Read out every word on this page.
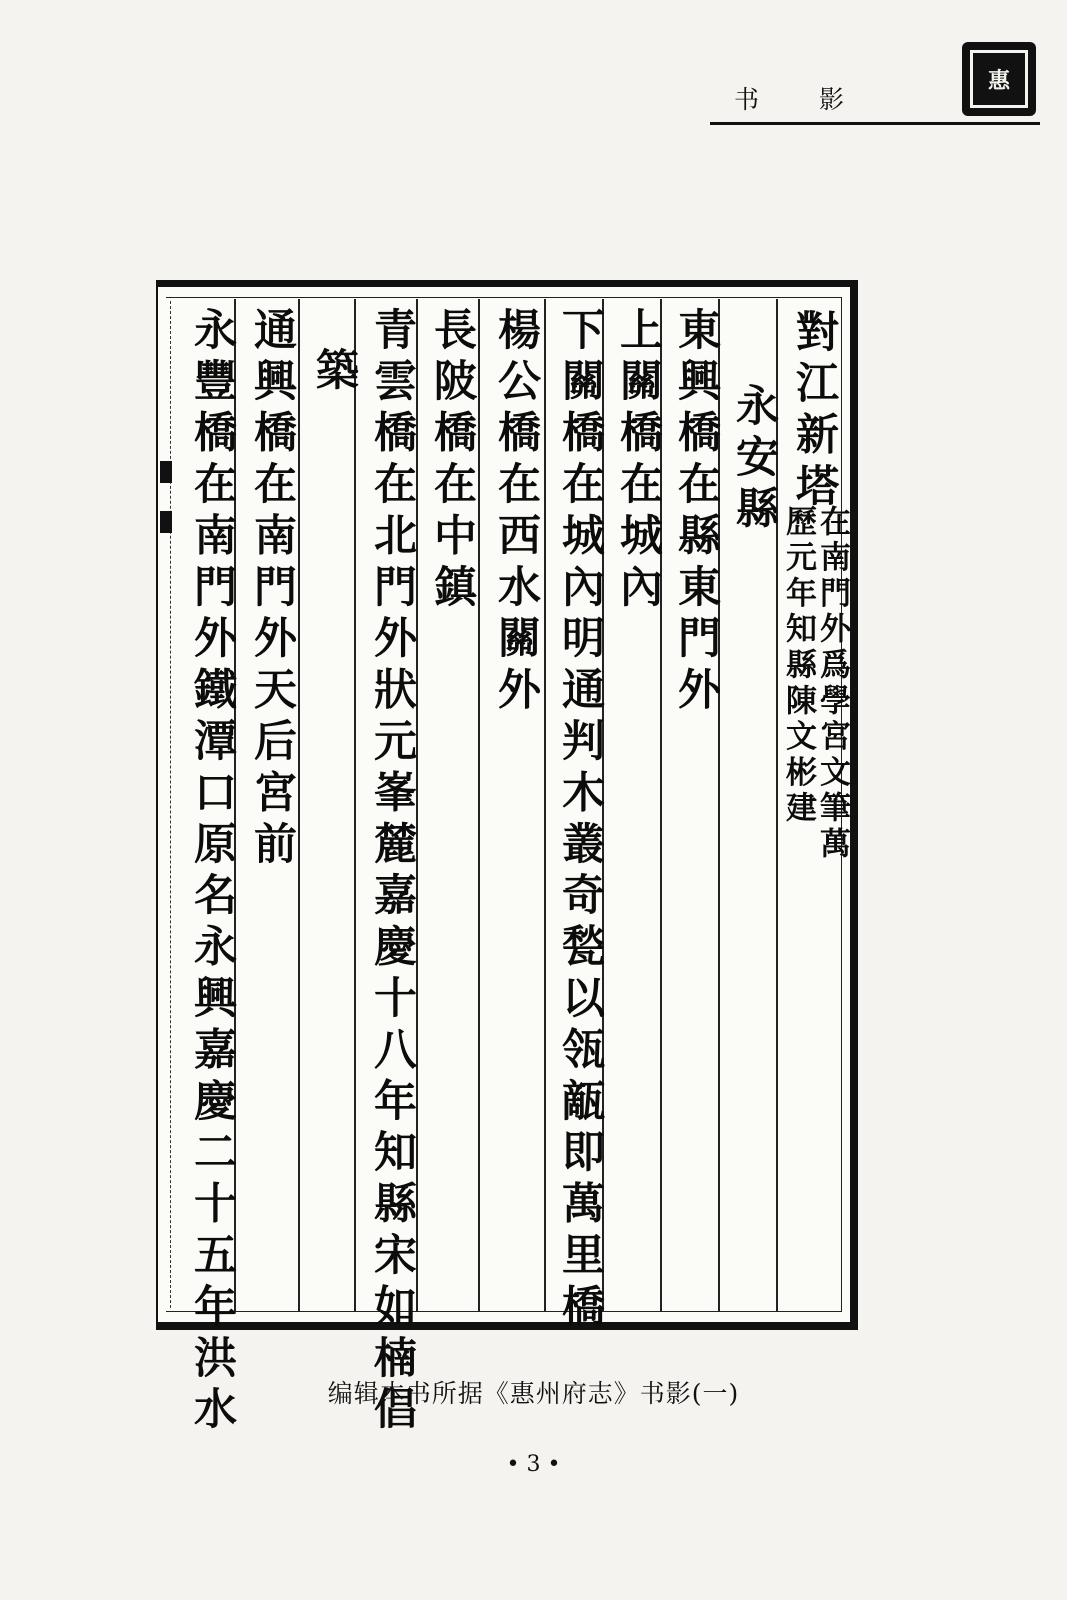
书 影
惠
對江新塔
在南門外爲學宮文筆萬
歷元年知縣陳文彬建
永安縣
東興橋在縣東門外
上關橋在城內
下關橋在城內明通判木叢奇甃以瓴甋即萬里橋
楊公橋在西水關外
長陂橋在中鎮
青雲橋在北門外狀元峯麓嘉慶十八年知縣宋如楠倡
築
通興橋在南門外天后宮前
永豐橋在南門外鐵潭口原名永興嘉慶二十五年洪水	编辑本书所据《惠州府志》书影(一)
• 3 •
